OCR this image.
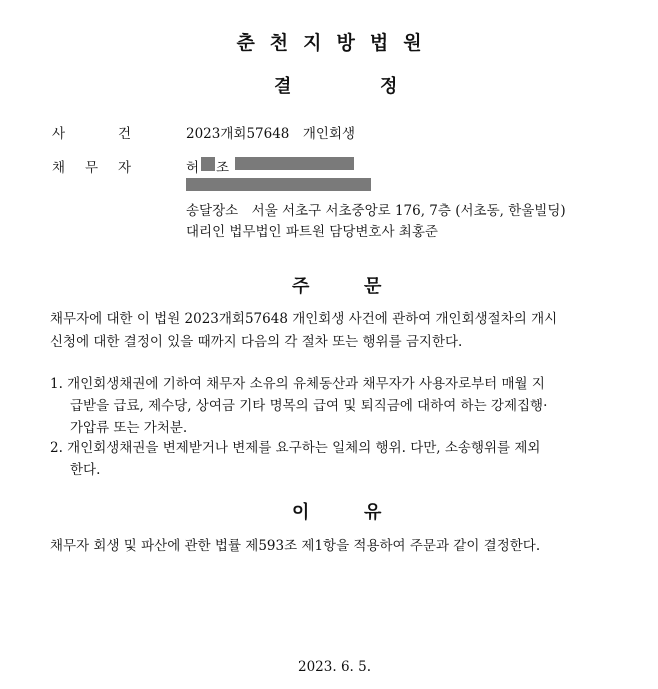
춘천지방법원
결	정
사	건	2023개회57648　개인회생
채 무 자	허 조
송달장소　서울 서초구 서초중앙로 176, 7층 (서초동, 한울빌딩)
대리인 법무법인 파트원 담당변호사 최홍준
주	문
채무자에 대한 이 법원 2023개회57648 개인회생 사건에 관하여 개인회생절차의 개시
신청에 대한 결정이 있을 때까지 다음의 각 절차 또는 행위를 금지한다.
1. 개인회생채권에 기하여 채무자 소유의 유체동산과 채무자가 사용자로부터 매월 지
급받을 급료, 제수당, 상여금 기타 명목의 급여 및 퇴직금에 대하여 하는 강제집행·
가압류 또는 가처분.
2. 개인회생채권을 변제받거나 변제를 요구하는 일체의 행위. 다만, 소송행위를 제외
한다.
이	유
채무자 회생 및 파산에 관한 법률 제593조 제1항을 적용하여 주문과 같이 결정한다.
2023. 6. 5.
